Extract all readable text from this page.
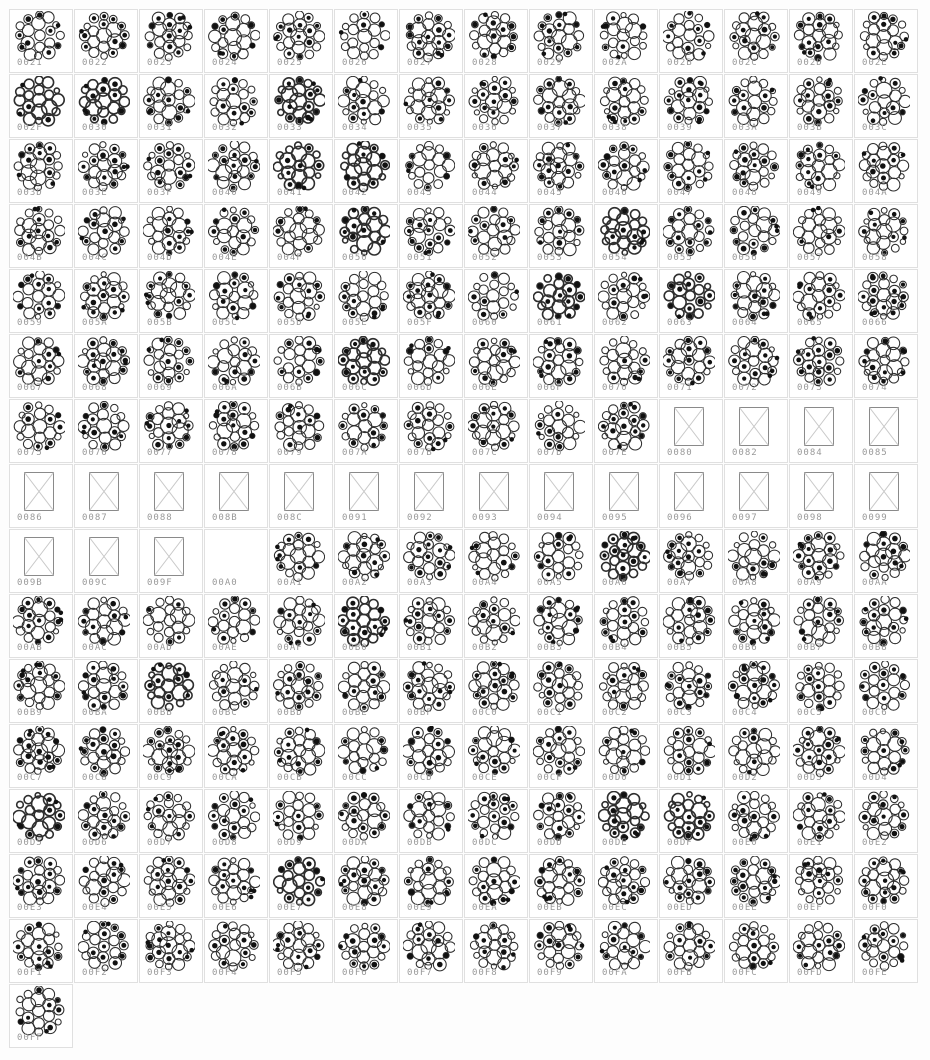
0021	0022	0023	0024	0025	0026	0027	0028	0029	002A	002B	002C	002D	002E
002F	0030	0031	0032	0033	0034	0035	0036	0037	0038	0039	003A	003B	003C
003D	003E	003F	0040	0041	0042	0043	0044	0045	0046	0047	0048	0049	004A
004B	004C	004D	004E	004F	0050	0051	0052	0053	0054	0055	0056	0057	0058
0059	005A	005B	005C	005D	005E	005F	0060	0061	0062	0063	0064	0065	0066
0067	0068	0069	006A	006B	006C	006D	006E	006F	0070	0071	0072	0073	0074
0075	0076	0077	0078	0079	007A	007B	007C	007D	007E	0080	0082	0084	0085
0086	0087	0088	008B	008C	0091	0092	0093	0094	0095	0096	0097	0098	0099
009B	009C	009F	00A0	00A1	00A2	00A3	00A4	00A5	00A6	00A7	00A8	00A9	00AA
00AB	00AC	00AD	00AE	00AF	00B0	00B1	00B2	00B3	00B4	00B5	00B6	00B7	00B8
00B9	00BA	00BB	00BC	00BD	00BE	00BF	00C0	00C1	00C2	00C3	00C4	00C5	00C6
00C7	00C8	00C9	00CA	00CB	00CC	00CD	00CE	00CF	00D0	00D1	00D2	00D3	00D4
00D5	00D6	00D7	00D8	00D9	00DA	00DB	00DC	00DD	00DE	00DF	00E0	00E1	00E2
00E3	00E4	00E5	00E6	00E7	00E8	00E9	00EA	00EB	00EC	00ED	00EE	00EF	00F0
00F1	00F2	00F3	00F4	00F5	00F6	00F7	00F8	00F9	00FA	00FB	00FC	00FD	00FE
00FF
